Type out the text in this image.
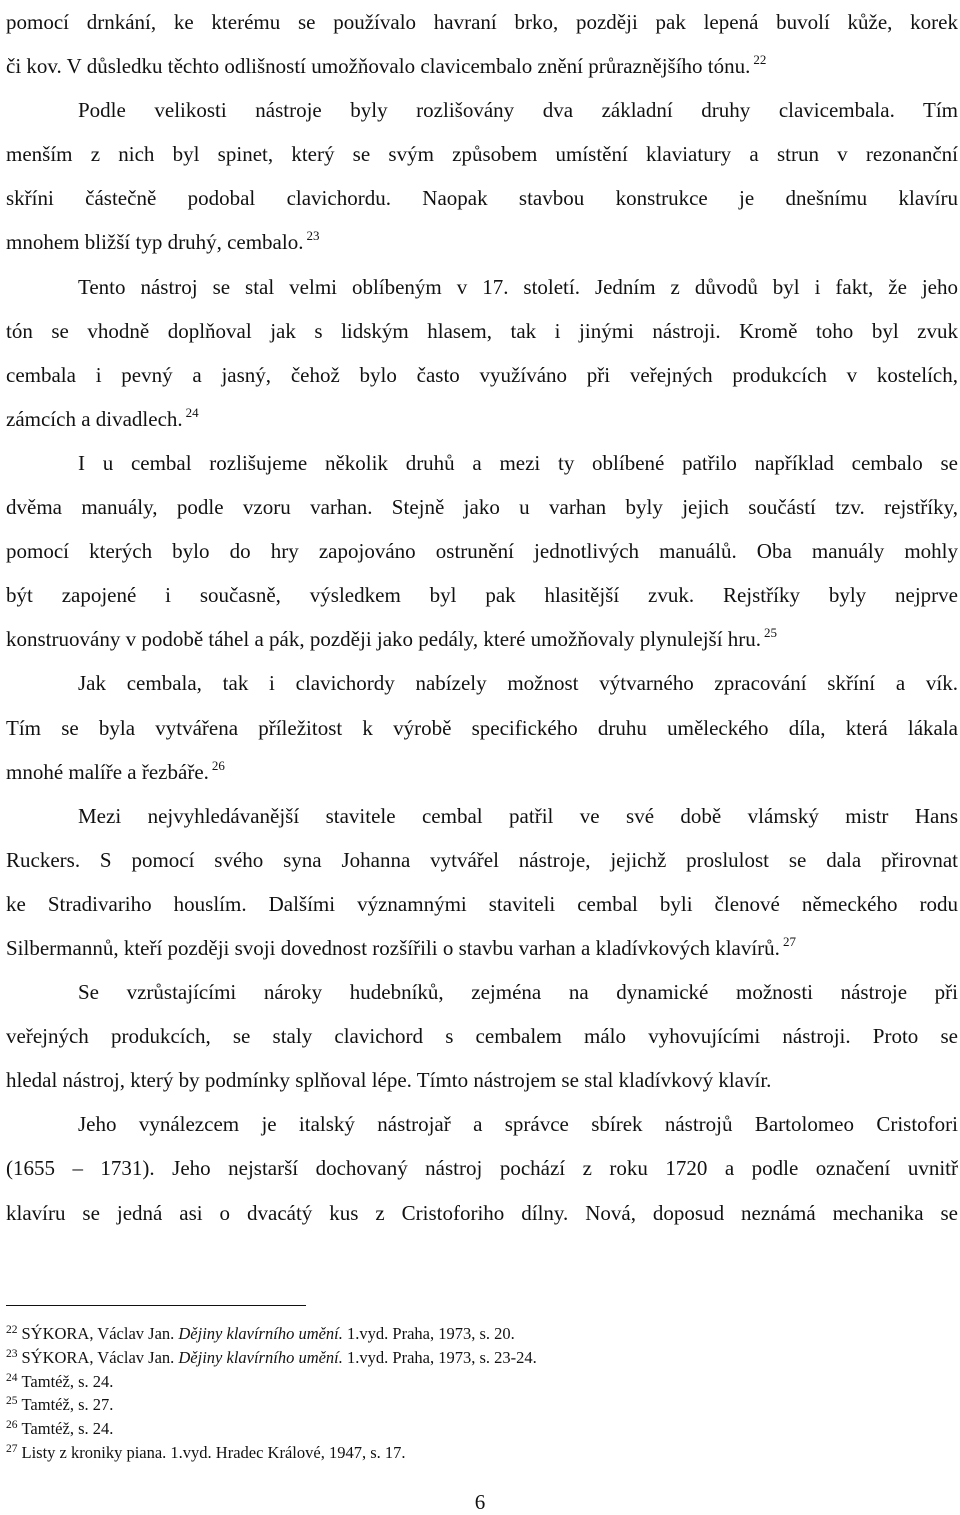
pomocí drnkání, ke kterému se používalo havraní brko, později pak lepená buvolí kůže, korek
či kov. V důsledku těchto odlišností umožňovalo clavicembalo znění průraznějšího tónu. $^{22}$
Podle velikosti nástroje byly rozlišovány dva základní druhy clavicembala. Tím
menším z nich byl spinet, který se svým způsobem umístění klaviatury a strun v rezonanční
skříni částečně podobal clavichordu. Naopak stavbou konstrukce je dnešnímu klavíru
mnohem bližší typ druhý, cembalo. $^{23}$
Tento nástroj se stal velmi oblíbeným v 17. století. Jedním z důvodů byl i fakt, že jeho
tón se vhodně doplňoval jak s lidským hlasem, tak i jinými nástroji. Kromě toho byl zvuk
cembala i pevný a jasný, čehož bylo často využíváno při veřejných produkcích v kostelích,
zámcích a divadlech. $^{24}$
I u cembal rozlišujeme několik druhů a mezi ty oblíbené patřilo například cembalo se
dvěma manuály, podle vzoru varhan. Stejně jako u varhan byly jejich součástí tzv. rejstříky,
pomocí kterých bylo do hry zapojováno ostrunění jednotlivých manuálů. Oba manuály mohly
být zapojené i současně, výsledkem byl pak hlasitější zvuk. Rejstříky byly nejprve
konstruovány v podobě táhel a pák, později jako pedály, které umožňovaly plynulejší hru. $^{25}$
Jak cembala, tak i clavichordy nabízely možnost výtvarného zpracování skříní a vík.
Tím se byla vytvářena příležitost k výrobě specifického druhu uměleckého díla, která lákala
mnohé malíře a řezbáře. $^{26}$
Mezi nejvyhledávanější stavitele cembal patřil ve své době vlámský mistr Hans
Ruckers. S pomocí svého syna Johanna vytvářel nástroje, jejichž proslulost se dala přirovnat
ke Stradivariho houslím. Dalšími významnými staviteli cembal byli členové německého rodu
Silbermannů, kteří později svoji dovednost rozšířili o stavbu varhan a kladívkových klavírů. $^{27}$
Se vzrůstajícími nároky hudebníků, zejména na dynamické možnosti nástroje při
veřejných produkcích, se staly clavichord s cembalem málo vyhovujícími nástroji. Proto se
hledal nástroj, který by podmínky splňoval lépe. Tímto nástrojem se stal kladívkový klavír.
Jeho vynálezcem je italský nástrojař a správce sbírek nástrojů Bartolomeo Cristofori
(1655 – 1731). Jeho nejstarší dochovaný nástroj pochází z roku 1720 a podle označení uvnitř
klavíru se jedná asi o dvacátý kus z Cristoforiho dílny. Nová, doposud neznámá mechanika se
$^{22}$ SÝKORA, Václav Jan. Dějiny klavírního umění. 1.vyd. Praha, 1973, s. 20.
$^{23}$ SÝKORA, Václav Jan. Dějiny klavírního umění. 1.vyd. Praha, 1973, s. 23-24.
$^{24}$ Tamtéž, s. 24.
$^{25}$ Tamtéž, s. 27.
$^{26}$ Tamtéž, s. 24.
$^{27}$ Listy z kroniky piana. 1.vyd. Hradec Králové, 1947, s. 17.
6
